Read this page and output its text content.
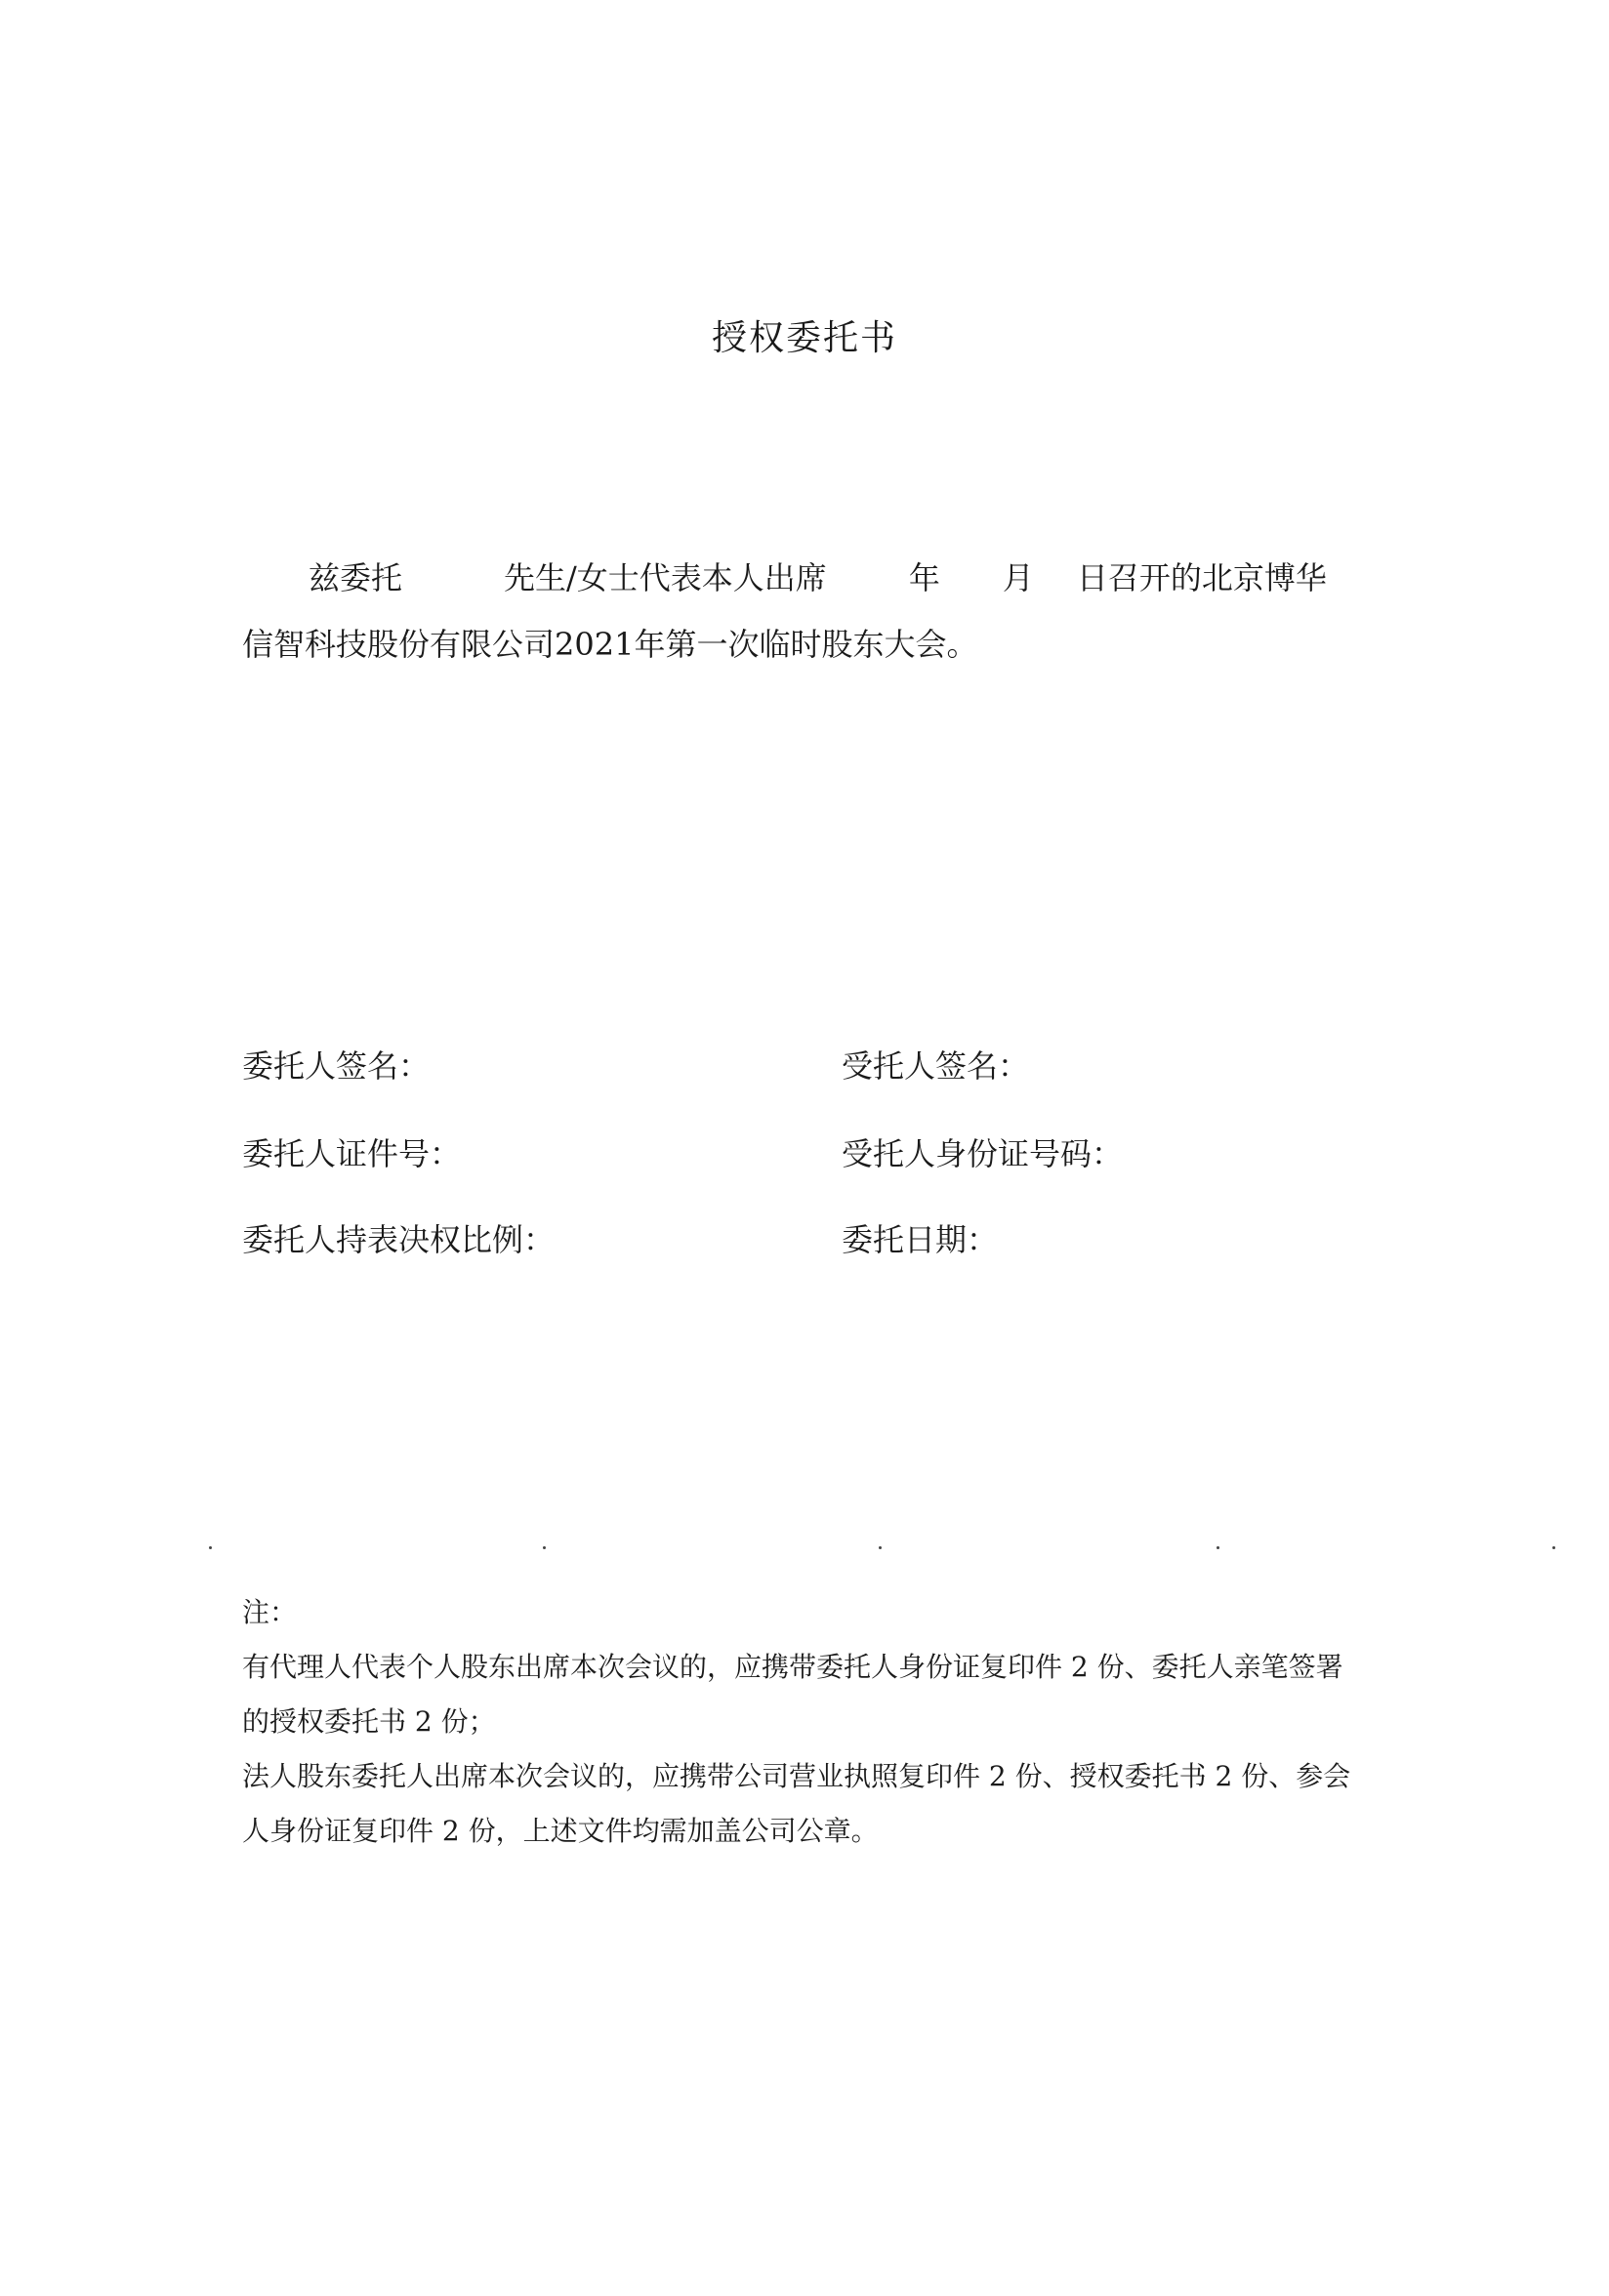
授权委托书
兹委托	先生/女士代表本人出席	年 月 日召开的北京博华
信智科技股份有限公司2021年第一次临时股东大会。
委托人签名：	受托人签名：
委托人证件号：	受托人身份证号码：
委托人持表决权比例：	委托日期：
注：
有代理人代表个人股东出席本次会议的，应携带委托人身份证复印件 2 份、委托人亲笔签署
的授权委托书 2 份；
法人股东委托人出席本次会议的，应携带公司营业执照复印件 2 份、授权委托书 2 份、参会
人身份证复印件 2 份，上述文件均需加盖公司公章。
